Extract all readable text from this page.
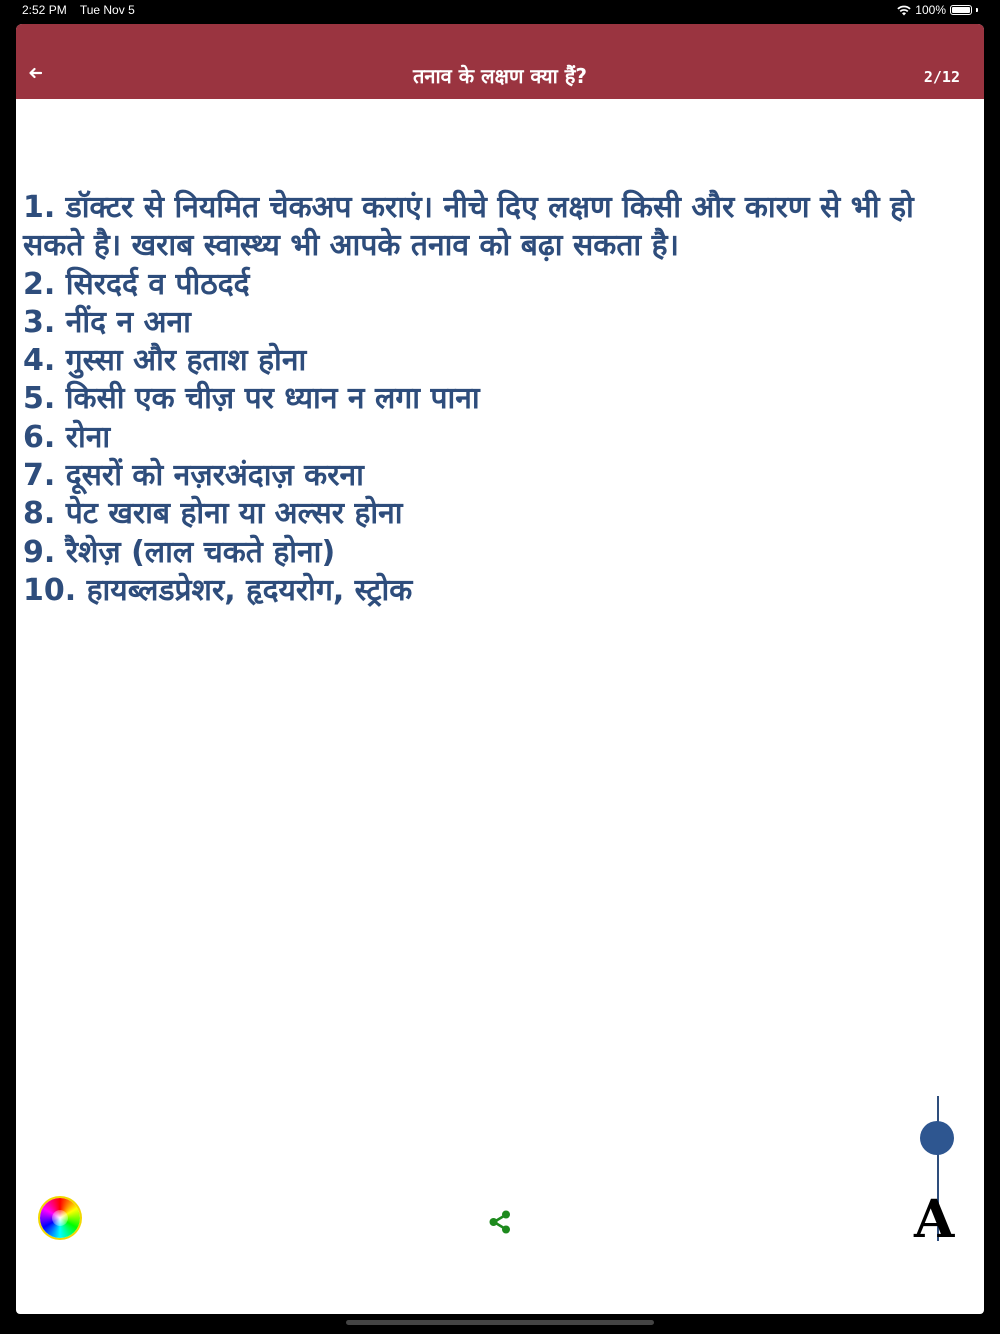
2:52 PM Tue Nov 5	100%
तनाव के लक्षण क्या हैं?	2/12

1. डॉक्टर से नियमित चेकअप कराएं। नीचे दिए लक्षण किसी और कारण से भी हो सकते है। खराब स्वास्थ्य भी आपके तनाव को बढ़ा सकता है।

2. सिरदर्द व पीठदर्द

3. नींद न अना

4. गुस्सा और हताश होना

5. किसी एक चीज़ पर ध्यान न लगा पाना

6. रोना

7. दूसरों को नज़रअंदाज़ करना

8. पेट खराब होना या अल्सर होना

9. रैशेज़ (लाल चकते होना)

10. हायब्लडप्रेशर, हृदयरोग, स्ट्रोक

A
